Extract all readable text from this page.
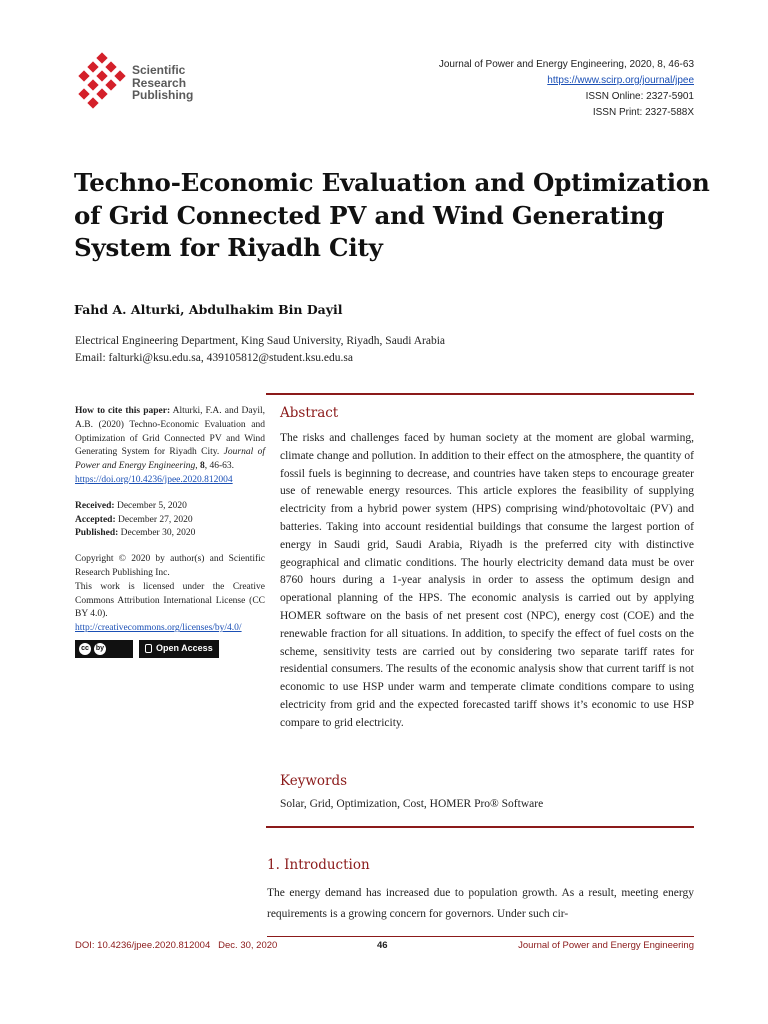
Scientific
Research
Publishing
Journal of Power and Energy Engineering, 2020, 8, 46-63
https://www.scirp.org/journal/jpee
ISSN Online: 2327-5901
ISSN Print: 2327-588X
Techno-Economic Evaluation and Optimization of Grid Connected PV and Wind Generating System for Riyadh City
Fahd A. Alturki, Abdulhakim Bin Dayil
Electrical Engineering Department, King Saud University, Riyadh, Saudi Arabia
Email: falturki@ksu.edu.sa, 439105812@student.ksu.edu.sa
How to cite this paper: Alturki, F.A. and Dayil, A.B. (2020) Techno-Economic Evaluation and Optimization of Grid Connected PV and Wind Generating System for Riyadh City. Journal of Power and Energy Engineering, 8, 46-63.
https://doi.org/10.4236/jpee.2020.812004
Received: December 5, 2020
Accepted: December 27, 2020
Published: December 30, 2020
Copyright © 2020 by author(s) and Scientific Research Publishing Inc.
This work is licensed under the Creative Commons Attribution International License (CC BY 4.0).
http://creativecommons.org/licenses/by/4.0/
cc	by	Open Access
Abstract
The risks and challenges faced by human society at the moment are global warming, climate change and pollution. In addition to their effect on the atmosphere, the quantity of fossil fuels is beginning to decrease, and countries have taken steps to encourage greater use of renewable energy resources. This article explores the feasibility of supplying electricity from a hybrid power system (HPS) comprising wind/photovoltaic (PV) and batteries. Taking into account residential buildings that consume the largest portion of energy in Saudi grid, Saudi Arabia, Riyadh is the preferred city with distinctive geographical and climatic conditions. The hourly electricity demand data must be over 8760 hours during a 1-year analysis in order to assess the optimum design and operational planning of the HPS. The economic analysis is carried out by applying HOMER software on the basis of net present cost (NPC), energy cost (COE) and the renewable fraction for all situations. In addition, to specify the effect of fuel costs on the scheme, sensitivity tests are carried out by considering two separate tariff rates for residential consumers. The results of the economic analysis show that current tariff is not economic to use HSP under warm and temperate climate conditions compare to using electricity from grid and the expected forecasted tariff shows it’s economic to use HSP compare to grid electricity.
Keywords
Solar, Grid, Optimization, Cost, HOMER Pro® Software
1. Introduction
The energy demand has increased due to population growth. As a result, meeting energy requirements is a growing concern for governors. Under such cir-
DOI: 10.4236/jpee.2020.812004 Dec. 30, 2020	46	Journal of Power and Energy Engineering
